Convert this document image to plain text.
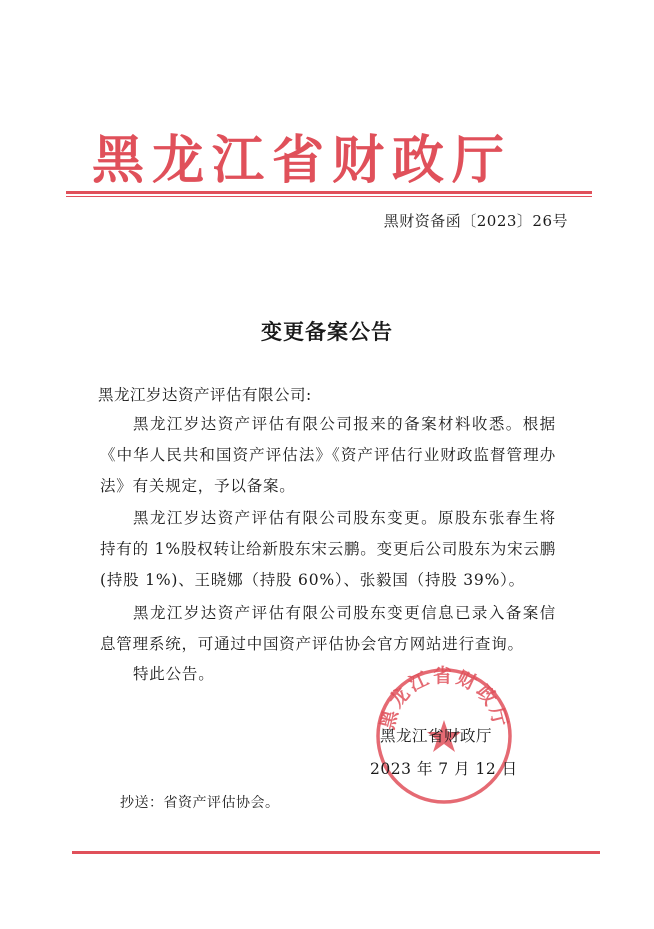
黑龙江省财政厅
黑财资备函〔2023〕26号
变更备案公告
黑龙江岁达资产评估有限公司:
黑龙江岁达资产评估有限公司报来的备案材料收悉。根据《中华人民共和国资产评估法》《资产评估行业财政监督管理办法》有关规定，予以备案。
黑龙江岁达资产评估有限公司股东变更。原股东张春生将持有的 1%股权转让给新股东宋云鹏。变更后公司股东为宋云鹏(持股 1%)、王晓娜（持股 60%）、张毅国（持股 39%）。
黑龙江岁达资产评估有限公司股东变更信息已录入备案信息管理系统，可通过中国资产评估协会官方网站进行查询。
特此公告。
黑龙江省财政厅
黑龙江省财政厅
2023 年 7 月 12 日
抄送：省资产评估协会。
